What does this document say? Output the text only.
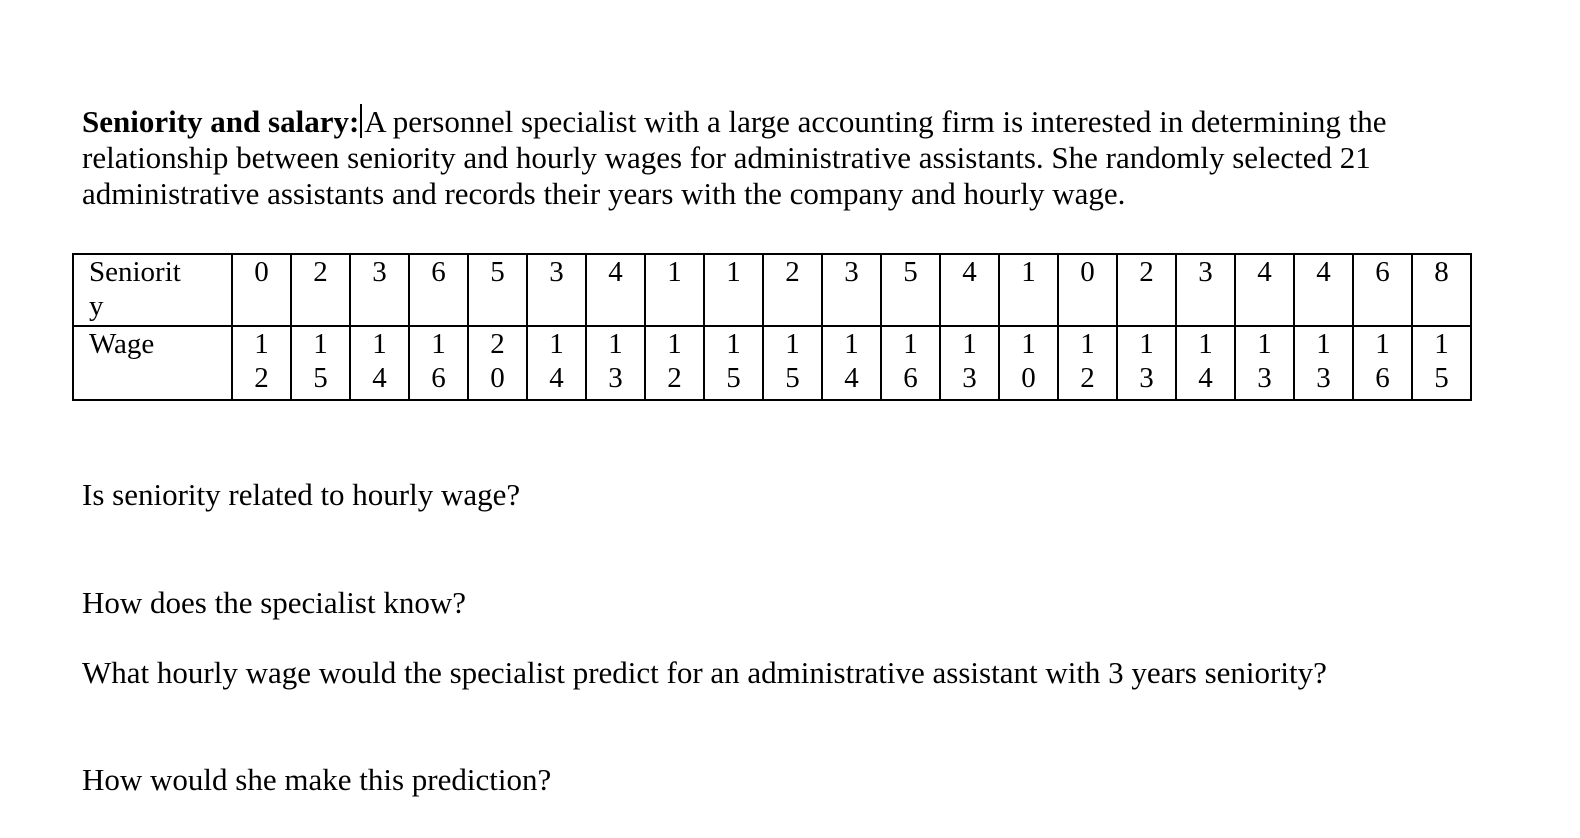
Seniority and salary: A personnel specialist with a large accounting firm is interested in determining the relationship between seniority and hourly wages for administrative assistants. She randomly selected 21 administrative assistants and records their years with the company and hourly wage.
Seniority	0	2	3	6	5	3	4	1	1	2	3	5	4	1	0	2	3	4	4	6	8
Wage	12	15	14	16	20	14	13	12	15	15	14	16	13	10	12	13	14	13	13	16	15
Is seniority related to hourly wage?
How does the specialist know?
What hourly wage would the specialist predict for an administrative assistant with 3 years seniority?
How would she make this prediction?
